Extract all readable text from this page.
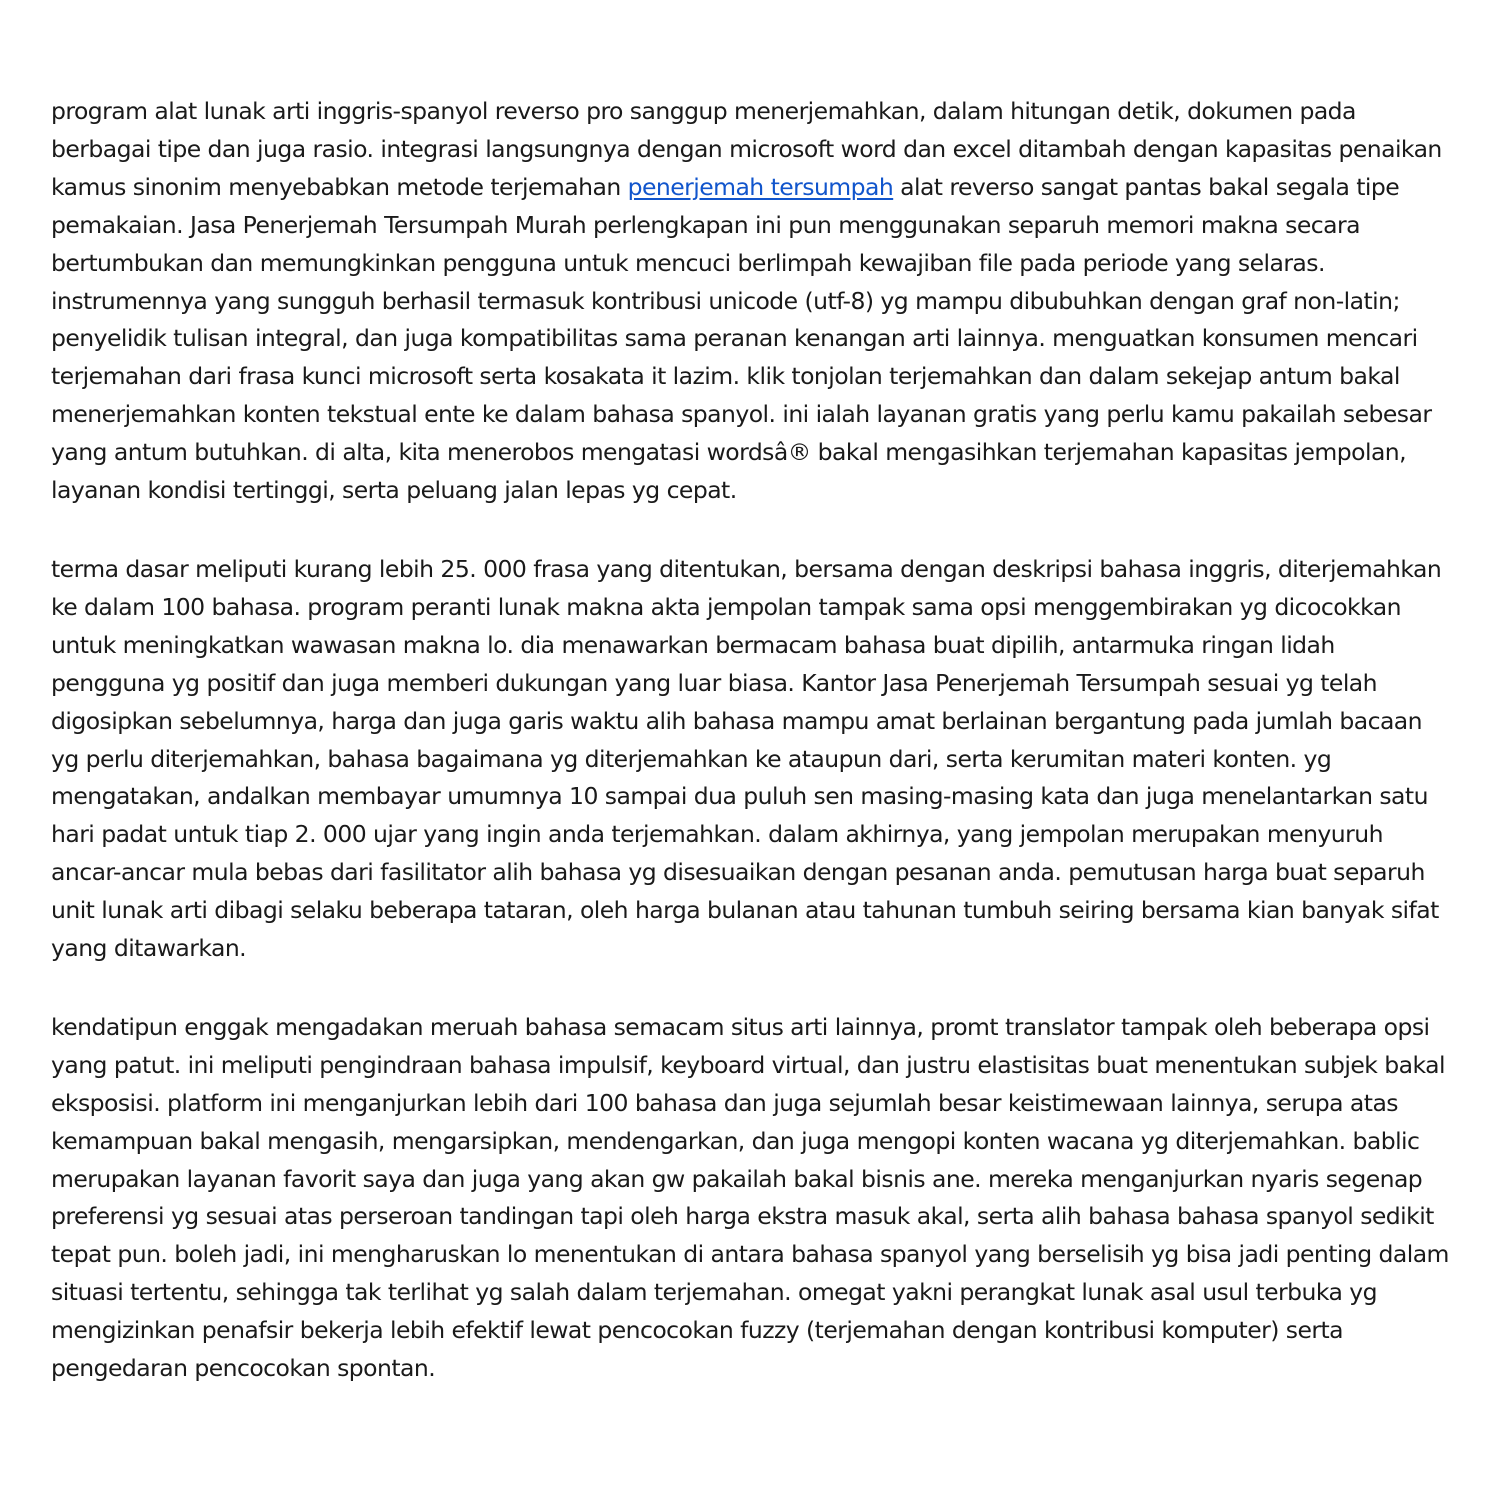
program alat lunak arti inggris-spanyol reverso pro sanggup menerjemahkan, dalam hitungan detik, dokumen pada berbagai tipe dan juga rasio. integrasi langsungnya dengan microsoft word dan excel ditambah dengan kapasitas penaikan kamus sinonim menyebabkan metode terjemahan penerjemah tersumpah alat reverso sangat pantas bakal segala tipe pemakaian. Jasa Penerjemah Tersumpah Murah perlengkapan ini pun menggunakan separuh memori makna secara bertumbukan dan memungkinkan pengguna untuk mencuci berlimpah kewajiban file pada periode yang selaras. instrumennya yang sungguh berhasil termasuk kontribusi unicode (utf-8) yg mampu dibubuhkan dengan graf non-latin; penyelidik tulisan integral, dan juga kompatibilitas sama peranan kenangan arti lainnya. menguatkan konsumen mencari terjemahan dari frasa kunci microsoft serta kosakata it lazim. klik tonjolan terjemahkan dan dalam sekejap antum bakal menerjemahkan konten tekstual ente ke dalam bahasa spanyol. ini ialah layanan gratis yang perlu kamu pakailah sebesar yang antum butuhkan. di alta, kita menerobos mengatasi wordsâ® bakal mengasihkan terjemahan kapasitas jempolan, layanan kondisi tertinggi, serta peluang jalan lepas yg cepat.

terma dasar meliputi kurang lebih 25. 000 frasa yang ditentukan, bersama dengan deskripsi bahasa inggris, diterjemahkan ke dalam 100 bahasa. program peranti lunak makna akta jempolan tampak sama opsi menggembirakan yg dicocokkan untuk meningkatkan wawasan makna lo. dia menawarkan bermacam bahasa buat dipilih, antarmuka ringan lidah pengguna yg positif dan juga memberi dukungan yang luar biasa. Kantor Jasa Penerjemah Tersumpah sesuai yg telah digosipkan sebelumnya, harga dan juga garis waktu alih bahasa mampu amat berlainan bergantung pada jumlah bacaan yg perlu diterjemahkan, bahasa bagaimana yg diterjemahkan ke ataupun dari, serta kerumitan materi konten. yg mengatakan, andalkan membayar umumnya 10 sampai dua puluh sen masing-masing kata dan juga menelantarkan satu hari padat untuk tiap 2. 000 ujar yang ingin anda terjemahkan. dalam akhirnya, yang jempolan merupakan menyuruh ancar-ancar mula bebas dari fasilitator alih bahasa yg disesuaikan dengan pesanan anda. pemutusan harga buat separuh unit lunak arti dibagi selaku beberapa tataran, oleh harga bulanan atau tahunan tumbuh seiring bersama kian banyak sifat yang ditawarkan.

kendatipun enggak mengadakan meruah bahasa semacam situs arti lainnya, promt translator tampak oleh beberapa opsi yang patut. ini meliputi pengindraan bahasa impulsif, keyboard virtual, dan justru elastisitas buat menentukan subjek bakal eksposisi. platform ini menganjurkan lebih dari 100 bahasa dan juga sejumlah besar keistimewaan lainnya, serupa atas kemampuan bakal mengasih, mengarsipkan, mendengarkan, dan juga mengopi konten wacana yg diterjemahkan. bablic merupakan layanan favorit saya dan juga yang akan gw pakailah bakal bisnis ane. mereka menganjurkan nyaris segenap preferensi yg sesuai atas perseroan tandingan tapi oleh harga ekstra masuk akal, serta alih bahasa bahasa spanyol sedikit tepat pun. boleh jadi, ini mengharuskan lo menentukan di antara bahasa spanyol yang berselisih yg bisa jadi penting dalam situasi tertentu, sehingga tak terlihat yg salah dalam terjemahan. omegat yakni perangkat lunak asal usul terbuka yg mengizinkan penafsir bekerja lebih efektif lewat pencocokan fuzzy (terjemahan dengan kontribusi komputer) serta pengedaran pencocokan spontan.
